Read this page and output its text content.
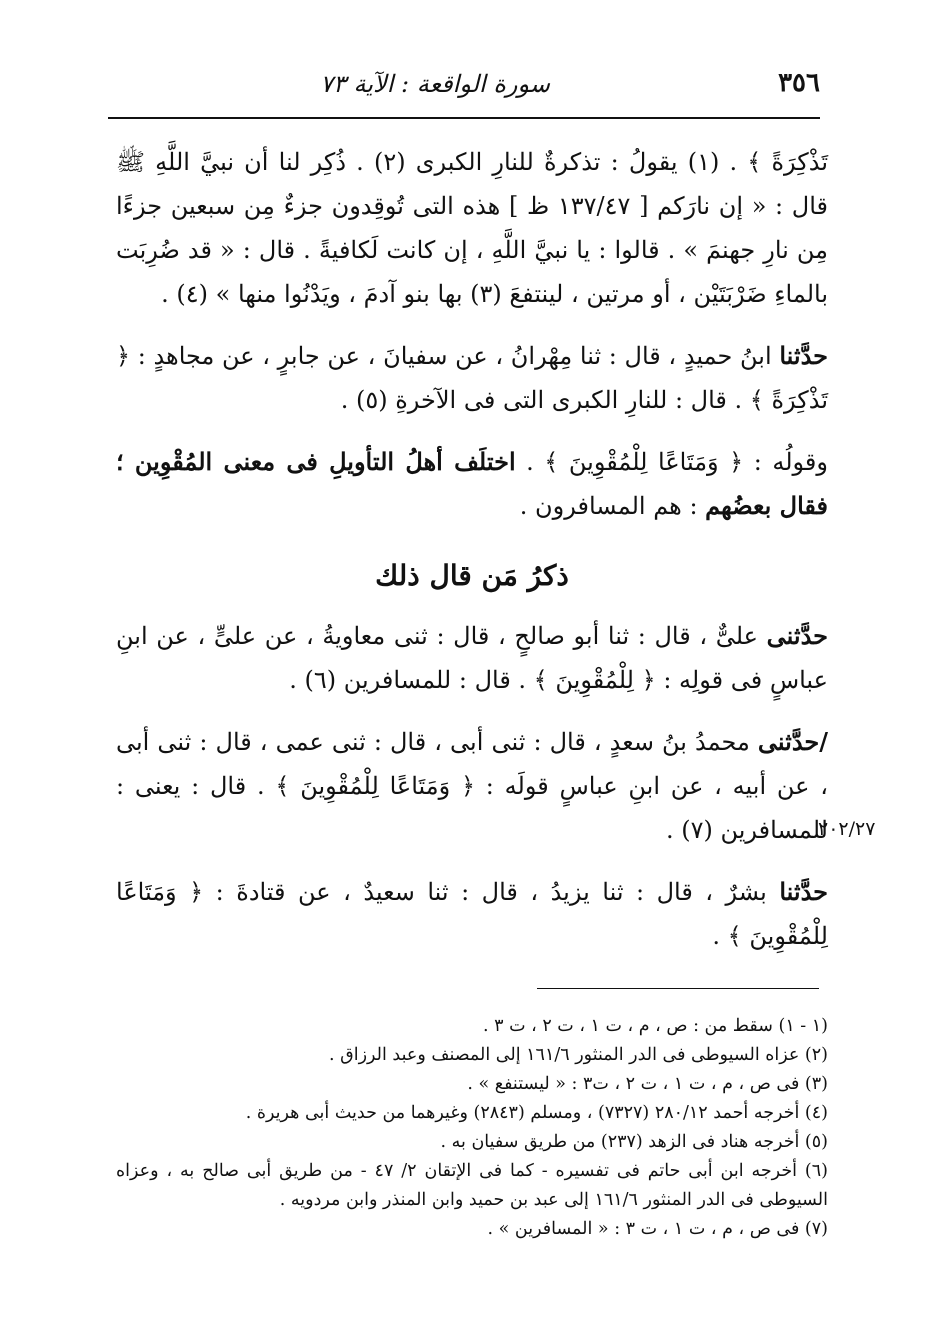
٣٥٦
سورة الواقعة : الآية ٧٣

تَذْكِرَةً ﴾ . (١) يقولُ : تذكرةٌ للنارِ الكبرى (٢) . ذُكِر لنا أن نبيَّ اللَّهِ ﷺ قال : « إن نارَكم [ ١٣٧/٤٧ ظ ] هذه التى تُوقِدون جزءٌ مِن سبعين جزءًا مِن نارِ جهنمَ » . قالوا : يا نبيَّ اللَّهِ ، إن كانت لَكافيةً . قال : « قد ضُرِبَت بالماءِ ضَرْبَتَيْن ، أو مرتين ، لينتفعَ (٣) بها بنو آدمَ ، ويَدْنُوا منها » (٤) .

حدَّثنا ابنُ حميدٍ ، قال : ثنا مِهْرانُ ، عن سفيانَ ، عن جابرٍ ، عن مجاهدٍ : ﴿ تَذْكِرَةً ﴾ . قال : للنارِ الكبرى التى فى الآخرةِ (٥) .

وقولُه : ﴿ وَمَتَاعًا لِلْمُقْوِينَ ﴾ . اختلَف أهلُ التأويلِ فى معنى المُقْوِين ؛ فقال بعضُهم : هم المسافرون .

ذكرُ مَن قال ذلك

حدَّثنى علىٌّ ، قال : ثنا أبو صالحٍ ، قال : ثنى معاويةُ ، عن علىٍّ ، عن ابنِ عباسٍ فى قولِه : ﴿ لِلْمُقْوِينَ ﴾ . قال : للمسافرين (٦) .

/حدَّثنى محمدُ بنُ سعدٍ ، قال : ثنى أبى ، قال : ثنى عمى ، قال : ثنى أبى ، عن أبيه ، عن ابنِ عباسٍ قولَه : ﴿ وَمَتَاعًا لِلْمُقْوِينَ ﴾ . قال : يعنى : للمسافرين (٧) .

حدَّثنا بشرٌ ، قال : ثنا يزيدُ ، قال : ثنا سعيدٌ ، عن قتادةَ : ﴿ وَمَتَاعًا لِلْمُقْوِينَ ﴾ .

٢٠٢/٢٧

(١ - ١) سقط من : ص ، م ، ت ١ ، ت ٢ ، ت ٣ .

(٢) عزاه السيوطى فى الدر المنثور ١٦١/٦ إلى المصنف وعبد الرزاق .

(٣) فى ص ، م ، ت ١ ، ت ٢ ، ت٣ : « ليستنفع » .

(٤) أخرجه أحمد ٢٨٠/١٢ (٧٣٢٧) ، ومسلم (٢٨٤٣) وغيرهما من حديث أبى هريرة .

(٥) أخرجه هناد فى الزهد (٢٣٧) من طريق سفيان به .

(٦) أخرجه ابن أبى حاتم فى تفسيره - كما فى الإتقان ٢/ ٤٧ - من طريق أبى صالح به ، وعزاه السيوطى فى الدر المنثور ١٦١/٦ إلى عبد بن حميد وابن المنذر وابن مردويه .

(٧) فى ص ، م ، ت ١ ، ت ٣ : « المسافرين » .
